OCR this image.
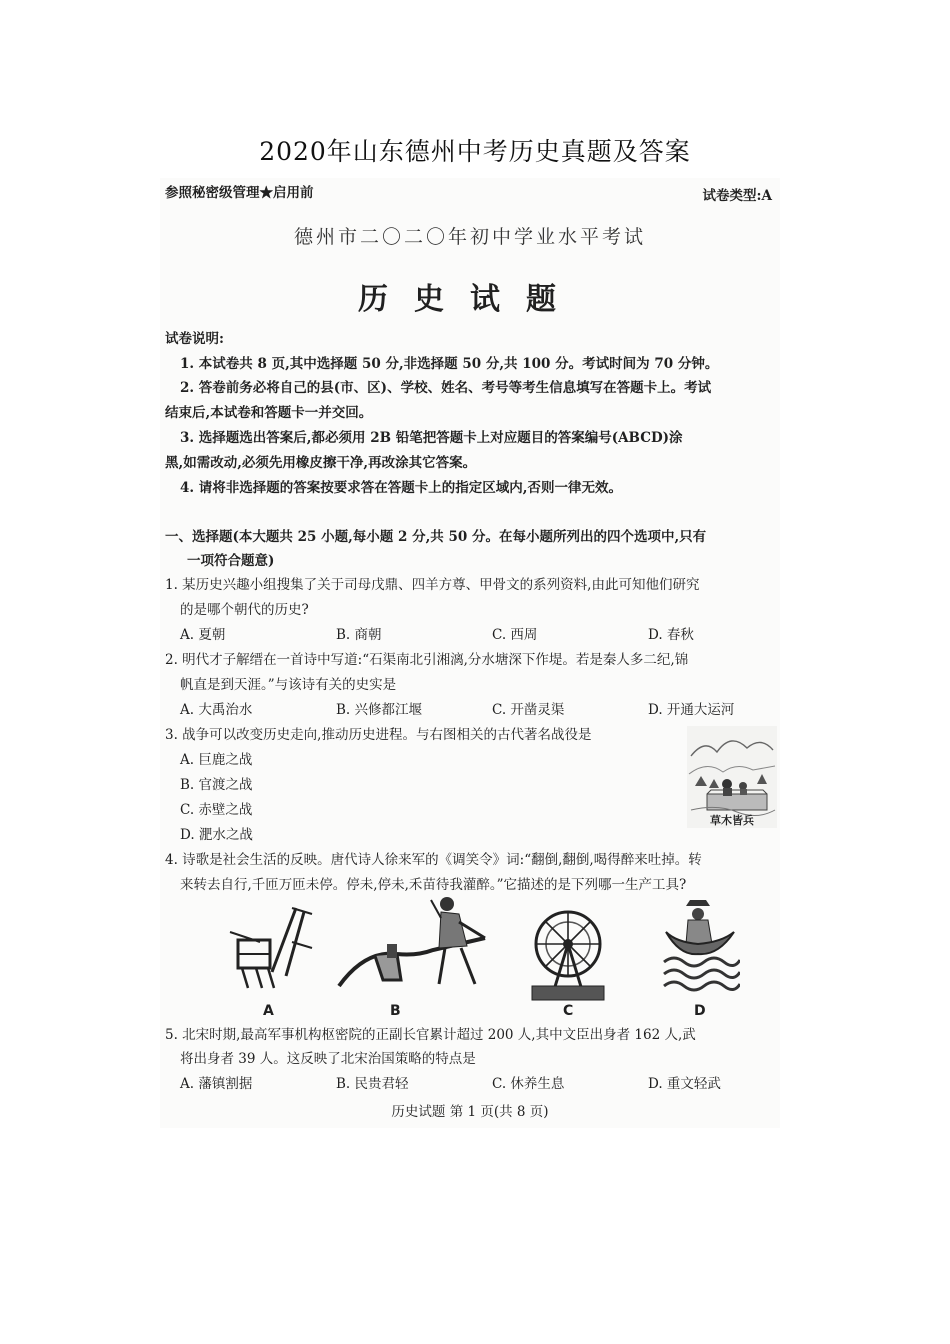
2020年山东德州中考历史真题及答案
参照秘密级管理★启用前	试卷类型:A
德州市二〇二〇年初中学业水平考试
历史试题
试卷说明:
1. 本试卷共 8 页,其中选择题 50 分,非选择题 50 分,共 100 分。考试时间为 70 分钟。
2. 答卷前务必将自己的县(市、区)、学校、姓名、考号等考生信息填写在答题卡上。考试
结束后,本试卷和答题卡一并交回。
3. 选择题选出答案后,都必须用 2B 铅笔把答题卡上对应题目的答案编号(ABCD)涂
黑,如需改动,必须先用橡皮擦干净,再改涂其它答案。
4. 请将非选择题的答案按要求答在答题卡上的指定区域内,否则一律无效。
一、选择题(本大题共 25 小题,每小题 2 分,共 50 分。在每小题所列出的四个选项中,只有
一项符合题意)
1. 某历史兴趣小组搜集了关于司母戊鼎、四羊方尊、甲骨文的系列资料,由此可知他们研究
的是哪个朝代的历史?
A. 夏朝	B. 商朝	C. 西周	D. 春秋
2. 明代才子解缙在一首诗中写道:“石渠南北引湘漓,分水塘深下作堤。若是秦人多二纪,锦
帆直是到天涯。”与该诗有关的史实是
A. 大禹治水	B. 兴修都江堰	C. 开凿灵渠	D. 开通大运河
3. 战争可以改变历史走向,推动历史进程。与右图相关的古代著名战役是
A. 巨鹿之战
B. 官渡之战
C. 赤壁之战
D. 淝水之战
草木皆兵
4. 诗歌是社会生活的反映。唐代诗人徐来军的《调笑令》词:“翻倒,翻倒,喝得醉来吐掉。转
来转去自行,千匝万匝未停。停未,停未,禾苗待我灌醉。”它描述的是下列哪一生产工具?
A	B	C	D
5. 北宋时期,最高军事机构枢密院的正副长官累计超过 200 人,其中文臣出身者 162 人,武
将出身者 39 人。这反映了北宋治国策略的特点是
A. 藩镇割据	B. 民贵君轻	C. 休养生息	D. 重文轻武
历史试题 第 1 页(共 8 页)
